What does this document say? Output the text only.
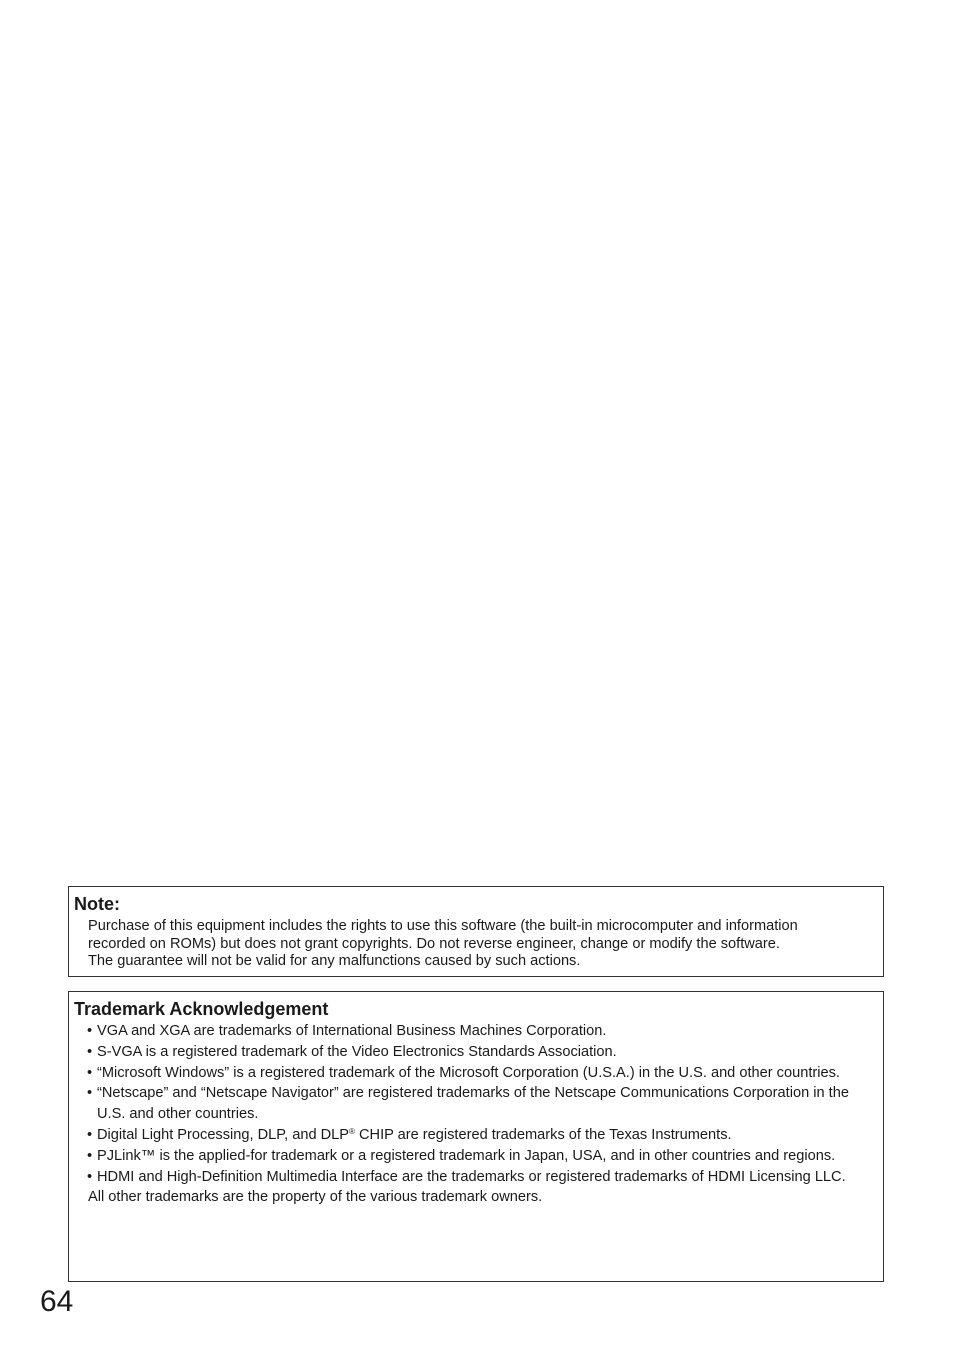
Note:

Purchase of this equipment includes the rights to use this software (the built-in microcomputer and information

recorded on ROMs) but does not grant copyrights. Do not reverse engineer, change or modify the software.

The guarantee will not be valid for any malfunctions caused by such actions.

Trademark Acknowledgement
• VGA and XGA are trademarks of International Business Machines Corporation.
• S-VGA is a registered trademark of the Video Electronics Standards Association.
• “Microsoft Windows” is a registered trademark of the Microsoft Corporation (U.S.A.) in the U.S. and other countries.
• “Netscape” and “Netscape Navigator” are registered trademarks of the Netscape Communications Corporation in the U.S. and other countries.
• Digital Light Processing, DLP, and DLP® CHIP are registered trademarks of the Texas Instruments.
• PJLink™ is the applied-for trademark or a registered trademark in Japan, USA, and in other countries and regions.
• HDMI and High-Definition Multimedia Interface are the trademarks or registered trademarks of HDMI Licensing LLC.

All other trademarks are the property of the various trademark owners.

64
